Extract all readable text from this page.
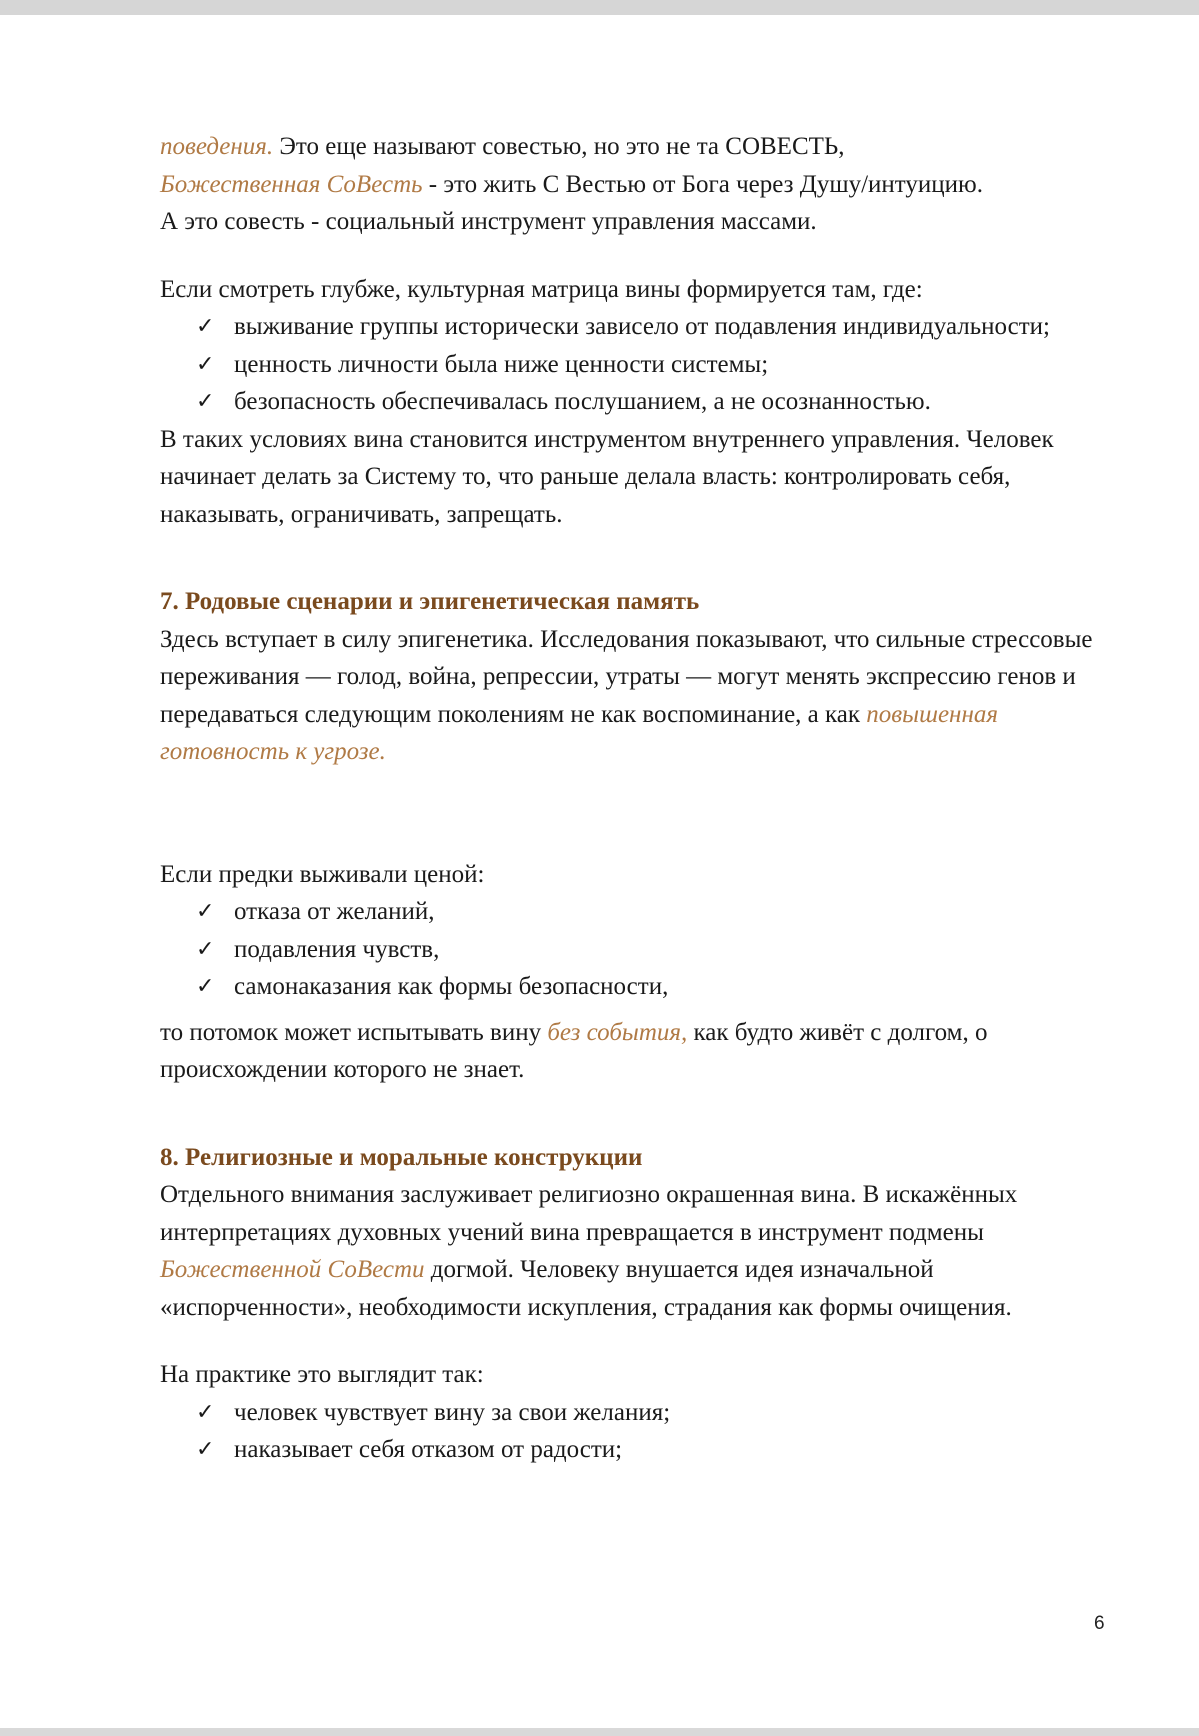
поведения. Это еще называют совестью, но это не та СОВЕСТЬ,
Божественная СоВесть - это жить С Вестью от Бога через Душу/интуицию.
А это совесть - социальный инструмент управления массами.

Если смотреть глубже, культурная матрица вины формируется там, где:

✓ выживание группы исторически зависело от подавления индивидуальности;
✓ ценность личности была ниже ценности системы;
✓ безопасность обеспечивалась послушанием, а не осознанностью.

В таких условиях вина становится инструментом внутреннего управления. Человек начинает делать за Систему то, что раньше делала власть: контролировать себя, наказывать, ограничивать, запрещать.

7. Родовые сценарии и эпигенетическая память

Здесь вступает в силу эпигенетика. Исследования показывают, что сильные стрессовые переживания — голод, война, репрессии, утраты — могут менять экспрессию генов и передаваться следующим поколениям не как воспоминание, а как повышенная готовность к угрозе.

Если предки выживали ценой:

✓ отказа от желаний,
✓ подавления чувств,
✓ самонаказания как формы безопасности,

то потомок может испытывать вину без события, как будто живёт с долгом, о происхождении которого не знает.

8. Религиозные и моральные конструкции

Отдельного внимания заслуживает религиозно окрашенная вина. В искажённых интерпретациях духовных учений вина превращается в инструмент подмены Божественной СоВести догмой. Человеку внушается идея изначальной «испорченности», необходимости искупления, страдания как формы очищения.

На практике это выглядит так:

✓ человек чувствует вину за свои желания;
✓ наказывает себя отказом от радости;
6
